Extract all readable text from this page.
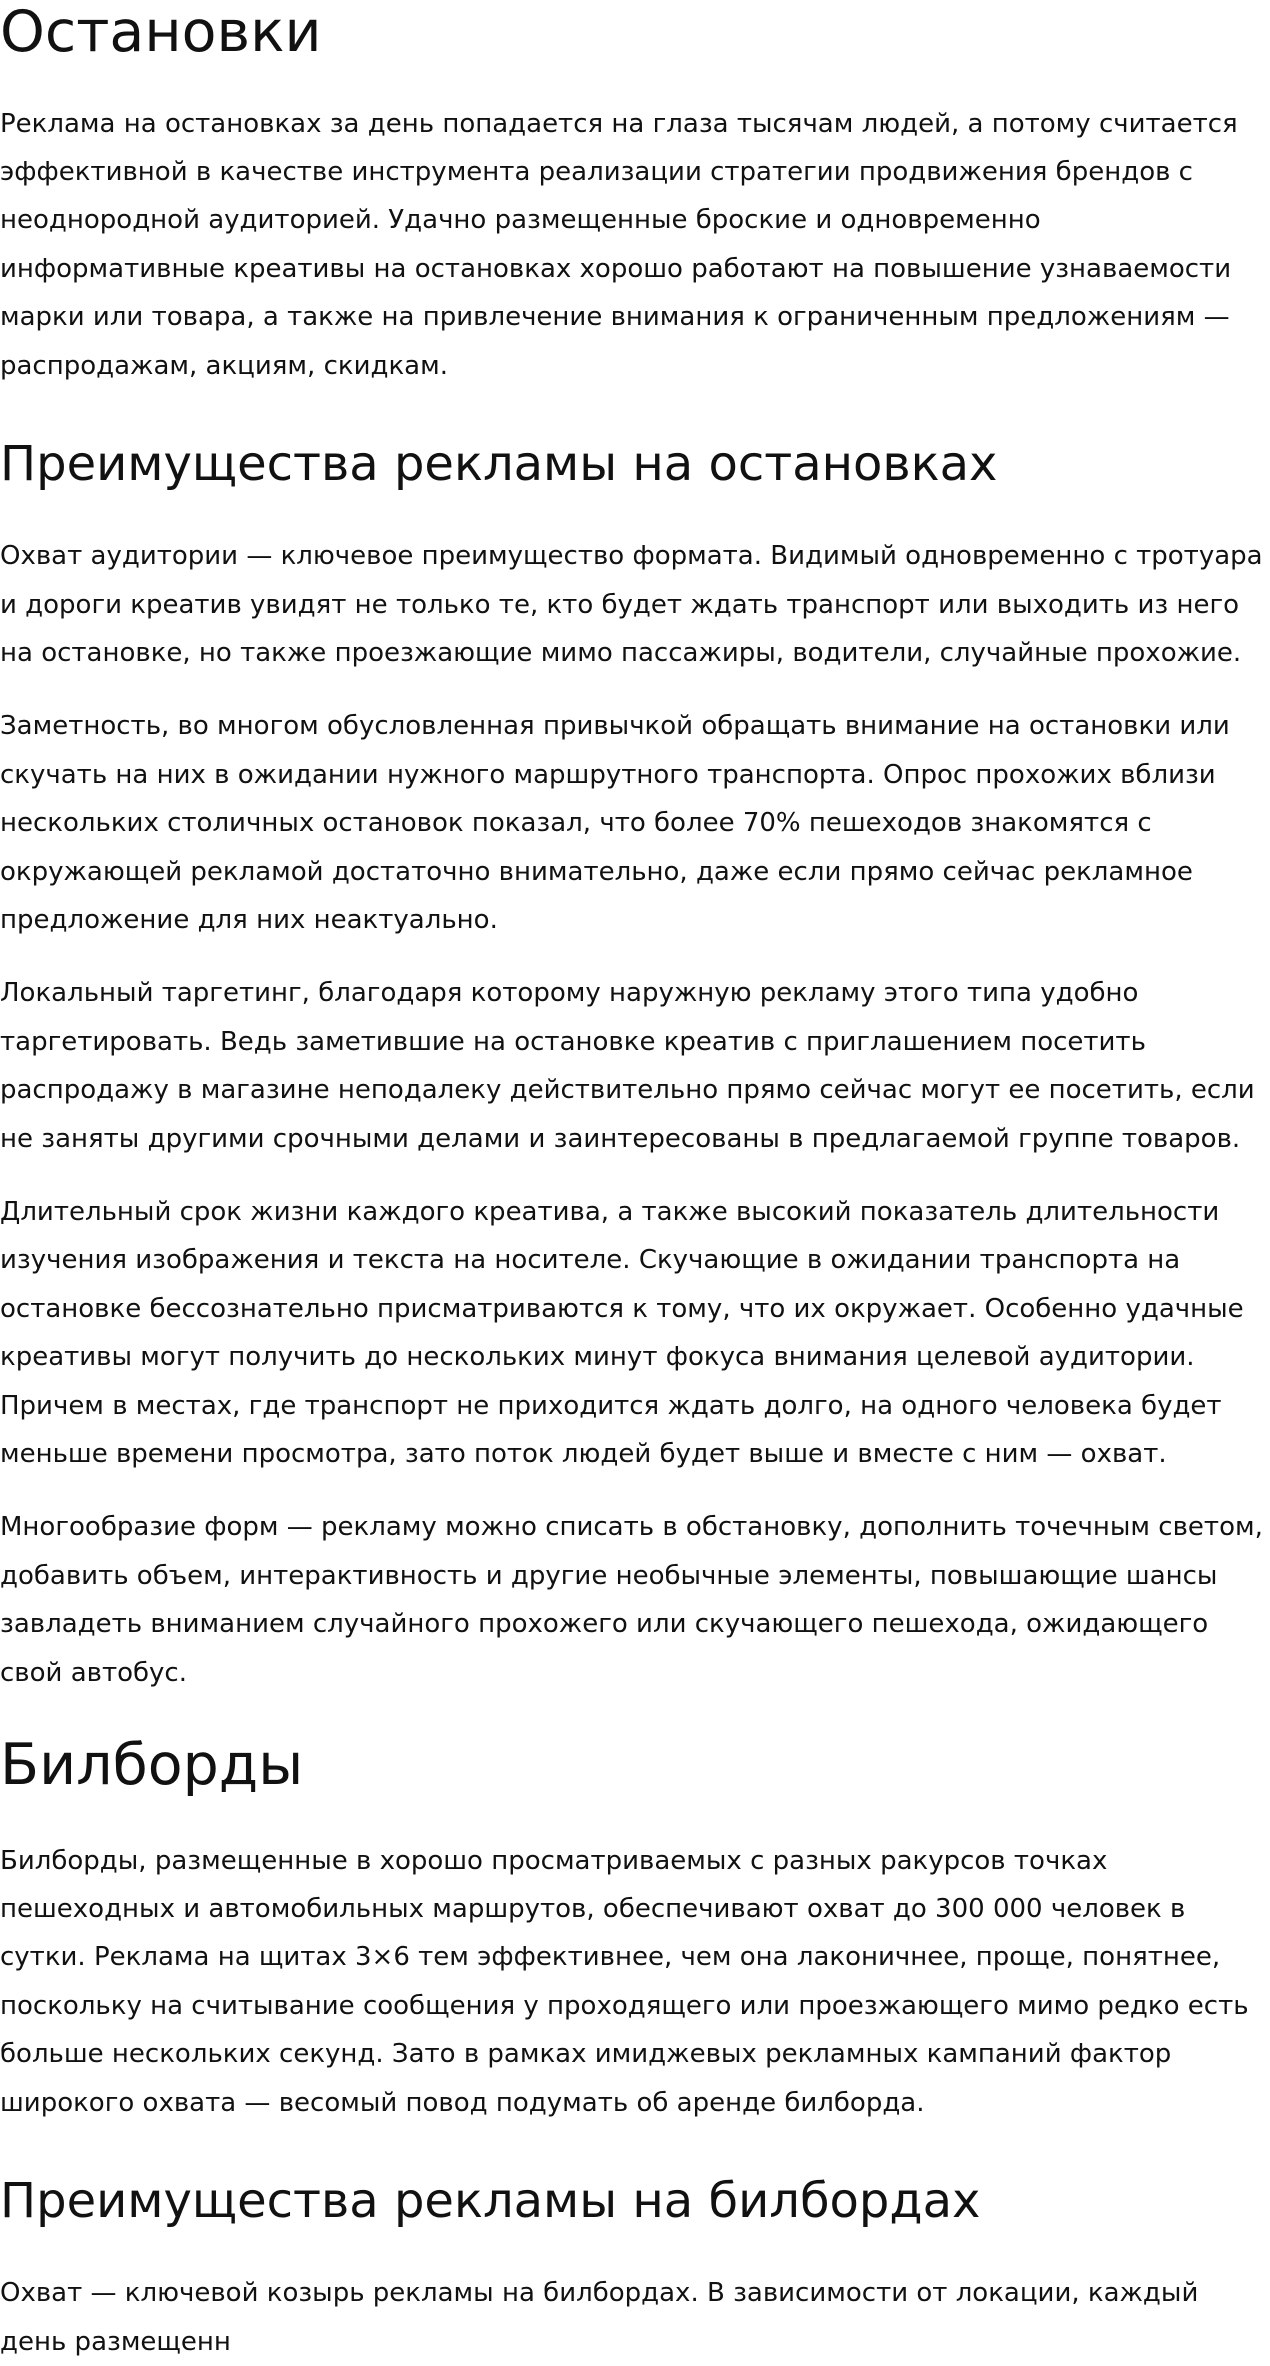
Остановки

Реклама на остановках за день попадается на глаза тысячам людей, а потому считается эффективной в качестве инструмента реализации стратегии продвижения брендов с неоднородной аудиторией. Удачно размещенные броские и одновременно информативные креативы на остановках хорошо работают на повышение узнаваемости марки или товара, а также на привлечение внимания к ограниченным предложениям — распродажам, акциям, скидкам.

Преимущества рекламы на остановках

Охват аудитории — ключевое преимущество формата. Видимый одновременно с тротуара и дороги креатив увидят не только те, кто будет ждать транспорт или выходить из него на остановке, но также проезжающие мимо пассажиры, водители, случайные прохожие.

Заметность, во многом обусловленная привычкой обращать внимание на остановки или скучать на них в ожидании нужного маршрутного транспорта. Опрос прохожих вблизи нескольких столичных остановок показал, что более 70% пешеходов знакомятся с окружающей рекламой достаточно внимательно, даже если прямо сейчас рекламное предложение для них неактуально.

Локальный таргетинг, благодаря которому наружную рекламу этого типа удобно таргетировать. Ведь заметившие на остановке креатив с приглашением посетить распродажу в магазине неподалеку действительно прямо сейчас могут ее посетить, если не заняты другими срочными делами и заинтересованы в предлагаемой группе товаров.

Длительный срок жизни каждого креатива, а также высокий показатель длительности изучения изображения и текста на носителе. Скучающие в ожидании транспорта на остановке бессознательно присматриваются к тому, что их окружает. Особенно удачные креативы могут получить до нескольких минут фокуса внимания целевой аудитории. Причем в местах, где транспорт не приходится ждать долго, на одного человека будет меньше времени просмотра, зато поток людей будет выше и вместе с ним — охват.

Многообразие форм — рекламу можно списать в обстановку, дополнить точечным светом, добавить объем, интерактивность и другие необычные элементы, повышающие шансы завладеть вниманием случайного прохожего или скучающего пешехода, ожидающего свой автобус.

Билборды

Билборды, размещенные в хорошо просматриваемых с разных ракурсов точках пешеходных и автомобильных маршрутов, обеспечивают охват до 300 000 человек в сутки. Реклама на щитах 3×6 тем эффективнее, чем она лаконичнее, проще, понятнее, поскольку на считывание сообщения у проходящего или проезжающего мимо редко есть больше нескольких секунд. Зато в рамках имиджевых рекламных кампаний фактор широкого охвата — весомый повод подумать об аренде билборда.

Преимущества рекламы на билбордах

Охват — ключевой козырь рекламы на билбордах. В зависимости от локации, каждый день размещенн
